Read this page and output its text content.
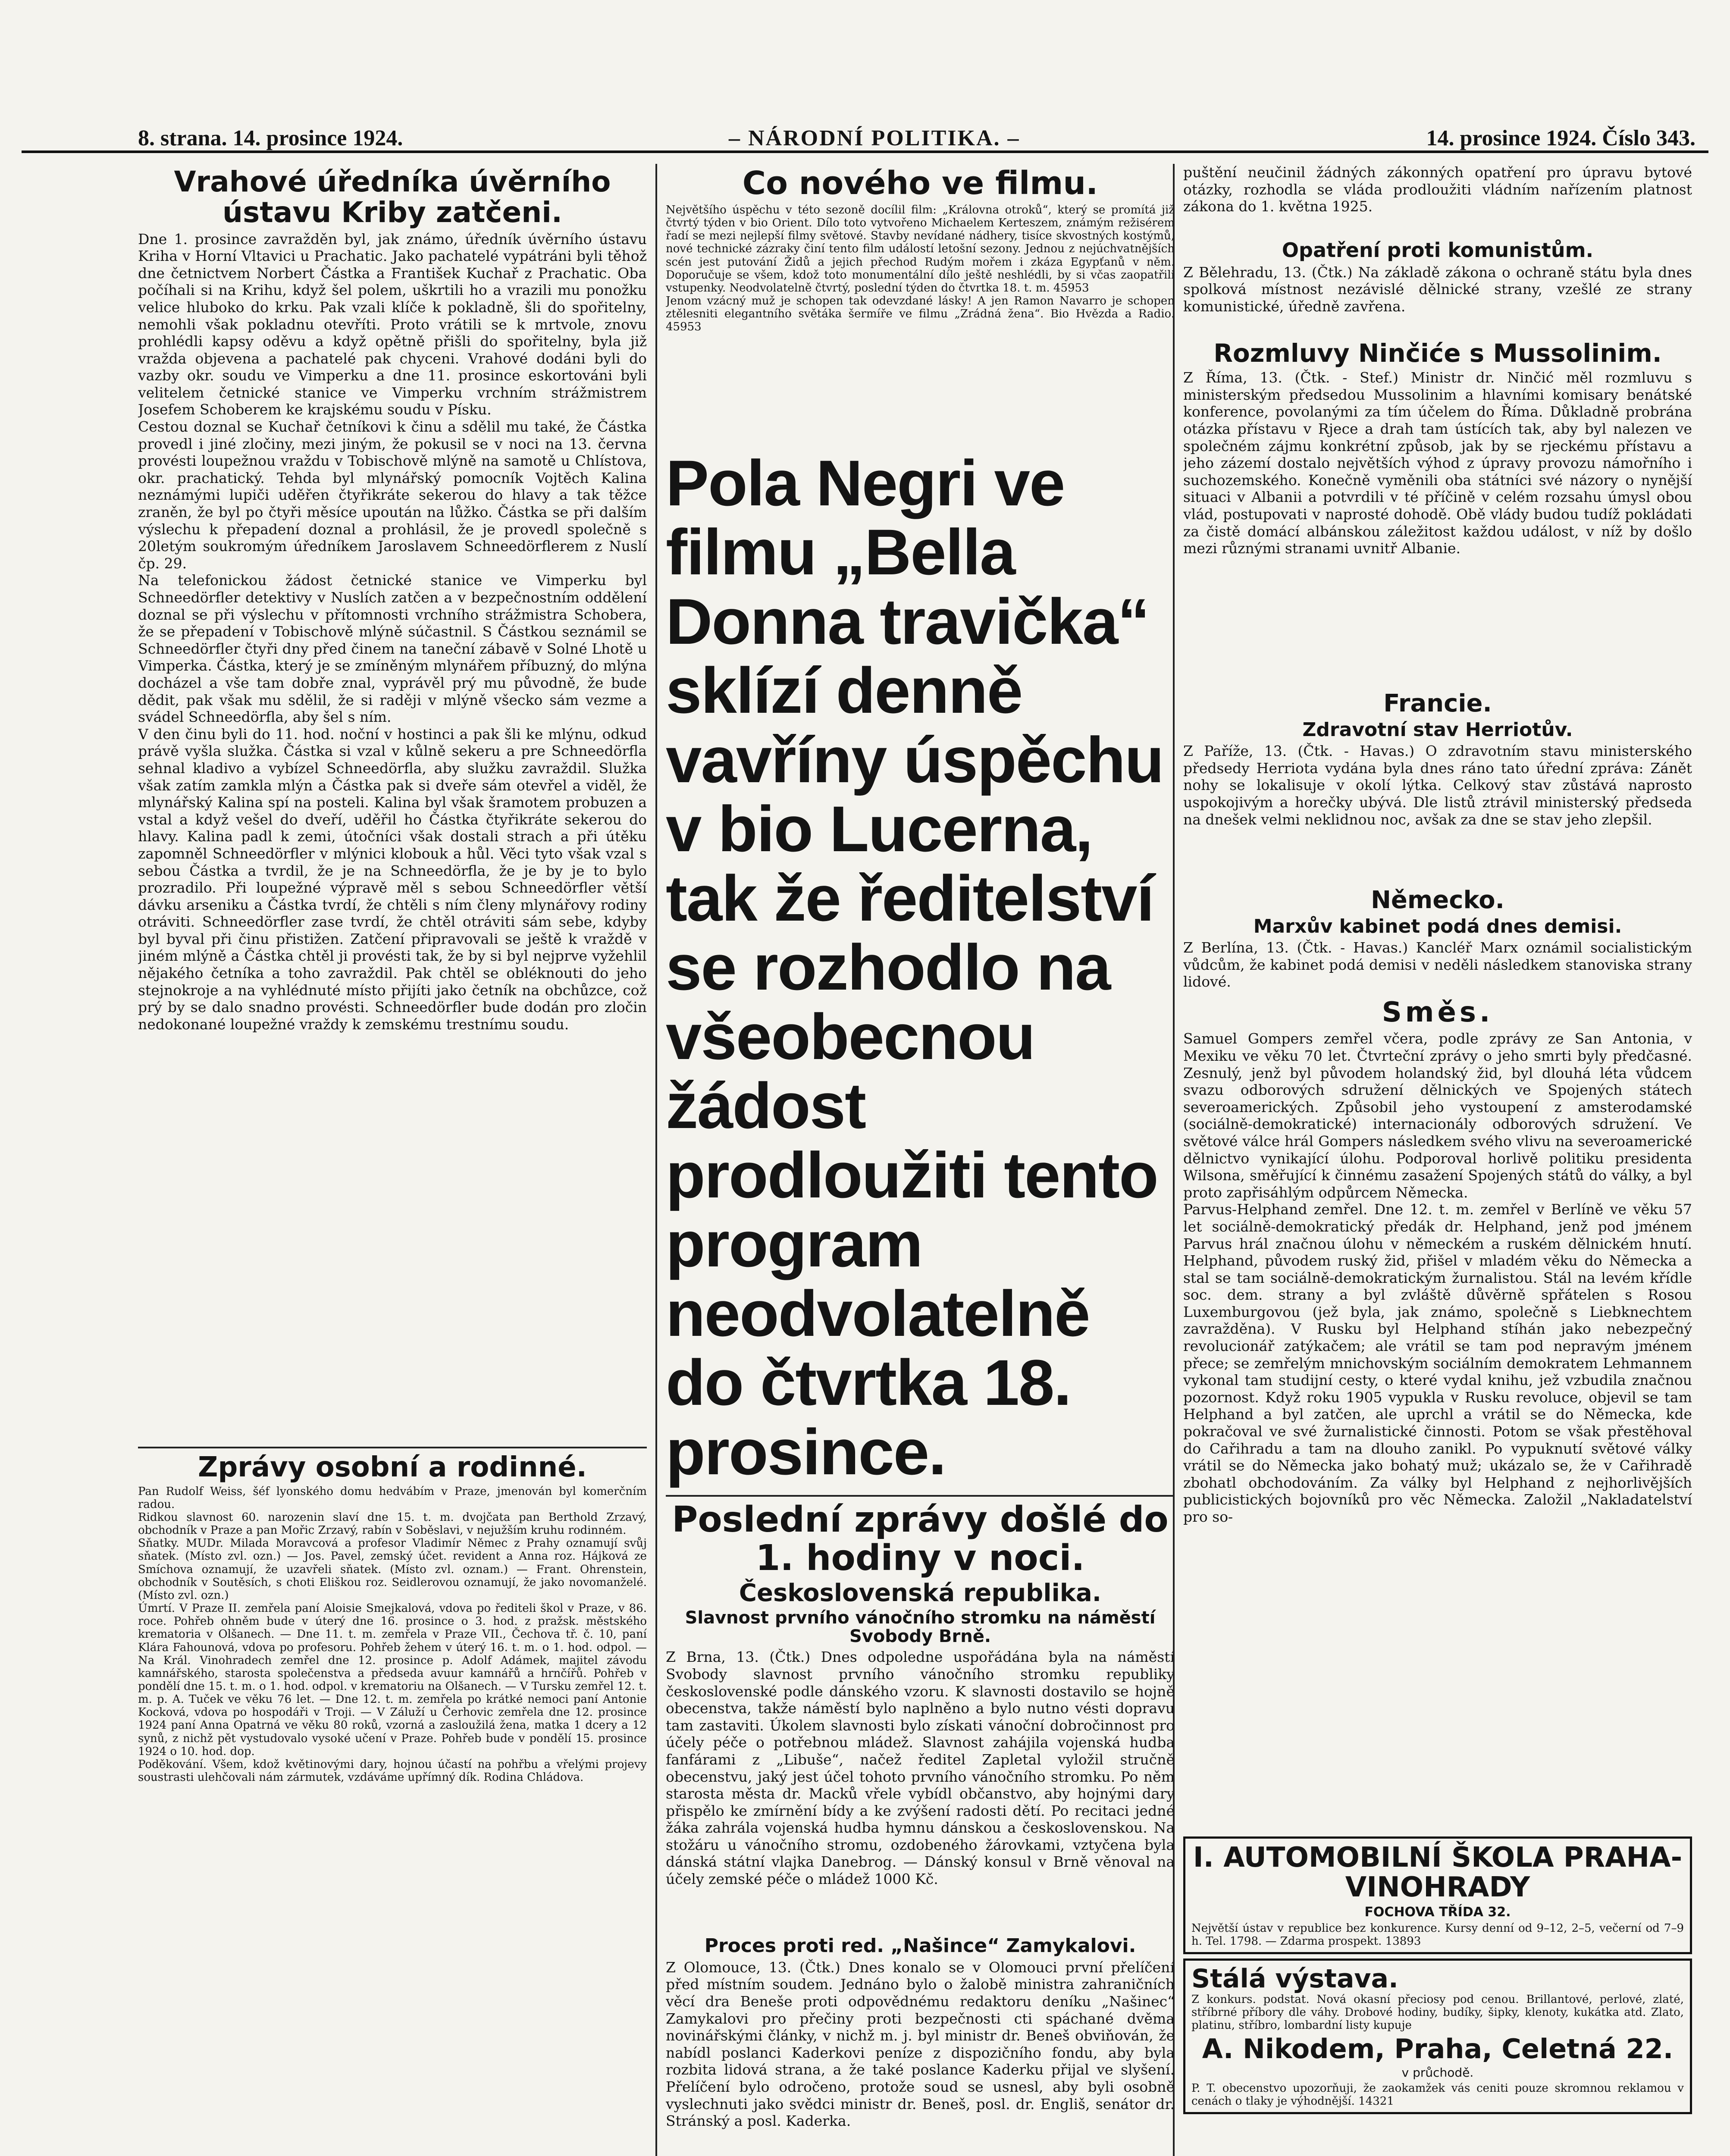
8. strana. 14. prosince 1924.	– NÁRODNÍ POLITIKA. –	14. prosince 1924. Číslo 343.
Vrahové úředníka úvěrního ústavu Kriby zatčeni.

Dne 1. prosince zavražděn byl, jak známo, úředník úvěrního ústavu Kriha v Horní Vltavici u Prachatic. Jako pachatelé vypátráni byli těhož dne četnictvem Norbert Částka a František Kuchař z Prachatic. Oba počíhali si na Krihu, když šel polem, uškrtili ho a vrazili mu ponožku velice hluboko do krku. Pak vzali klíče k pokladně, šli do spořitelny, nemohli však pokladnu otevříti. Proto vrátili se k mrtvole, znovu prohlédli kapsy oděvu a když opětně přišli do spořitelny, byla již vražda objevena a pachatelé pak chyceni. Vrahové dodáni byli do vazby okr. soudu ve Vimperku a dne 11. prosince eskortováni byli velitelem četnické stanice ve Vimperku vrchním strážmistrem Josefem Schoberem ke krajskému soudu v Písku.
Cestou doznal se Kuchař četníkovi k činu a sdělil mu také, že Částka provedl i jiné zločiny, mezi jiným, že pokusil se v noci na 13. června provésti loupežnou vraždu v Tobischově mlýně na samotě u Chlístova, okr. prachatický. Tehda byl mlynářský pomocník Vojtěch Kalina neznámými lupiči uděřen čtyřikráte sekerou do hlavy a tak těžce zraněn, že byl po čtyři měsíce upoután na lůžko. Částka se při dalším výslechu k přepadení doznal a prohlásil, že je provedl společně s 20letým soukromým úředníkem Jaroslavem Schneedörflerem z Nuslí čp. 29.
Na telefonickou žádost četnické stanice ve Vimperku byl Schneedörfler detektivy v Nuslích zatčen a v bezpečnostním oddělení doznal se při výslechu v přítomnosti vrchního strážmistra Schobera, že se přepadení v Tobischově mlýně súčastnil. S Částkou seznámil se Schneedörfler čtyři dny před činem na taneční zábavě v Solné Lhotě u Vimperka. Částka, který je se zmíněným mlynářem příbuzný, do mlýna docházel a vše tam dobře znal, vyprávěl prý mu původně, že bude dědit, pak však mu sdělil, že si raději v mlýně všecko sám vezme a svádel Schneedörfla, aby šel s ním.
V den činu byli do 11. hod. noční v hostinci a pak šli ke mlýnu, odkud právě vyšla služka. Částka si vzal v kůlně sekeru a pre Schneedörfla sehnal kladivo a vybízel Schneedörfla, aby služku zavraždil. Služka však zatím zamkla mlýn a Částka pak si dveře sám otevřel a viděl, že mlynářský Kalina spí na posteli. Kalina byl však šramotem probuzen a vstal a když vešel do dveří, uděřil ho Částka čtyřikráte sekerou do hlavy. Kalina padl k zemi, útočníci však dostali strach a při útěku zapomněl Schneedörfler v mlýnici klobouk a hůl. Věci tyto však vzal s sebou Částka a tvrdil, že je na Schneedörfla, že je by je to bylo prozradilo. Při loupežné výpravě měl s sebou Schneedörfler větší dávku arseniku a Částka tvrdí, že chtěli s ním členy mlynářovy rodiny otráviti. Schneedörfler zase tvrdí, že chtěl otráviti sám sebe, kdyby byl byval při činu přistižen. Zatčení připravovali se ještě k vraždě v jiném mlýně a Částka chtěl ji provésti tak, že by si byl nejprve vyžehlil nějakého četníka a toho zavraždil. Pak chtěl se obléknouti do jeho stejnokroje a na vyhlédnuté místo přijíti jako četník na obchůzce, což prý by se dalo snadno provésti. Schneedörfler bude dodán pro zločin nedokonané loupežné vraždy k zemskému trestnímu soudu.

Zprávy osobní a rodinné.

Pan Rudolf Weiss, šéf lyonského domu hedvábím v Praze, jmenován byl komerčním radou.
Ridkou slavnost 60. narozenin slaví dne 15. t. m. dvojčata pan Berthold Zrzavý, obchodník v Praze a pan Mořic Zrzavý, rabín v Soběslavi, v nejužším kruhu rodinném.
Sňatky. MUDr. Milada Moravcová a profesor Vladimír Němec z Prahy oznamují svůj sňatek. (Místo zvl. ozn.) — Jos. Pavel, zemský účet. revident a Anna roz. Hájková ze Smíchova oznamují, že uzavřeli sňatek. (Místo zvl. oznam.) — Frant. Ohrenstein, obchodník v Soutěsích, s choti Eliškou roz. Seidlerovou oznamují, že jako novomanželé. (Místo zvl. ozn.)
Úmrtí. V Praze II. zemřela paní Aloisie Smejkalová, vdova po řediteli škol v Praze, v 86. roce. Pohřeb ohněm bude v úterý dne 16. prosince o 3. hod. z pražsk. městského krematoria v Olšanech. — Dne 11. t. m. zemřela v Praze VII., Čechova tř. č. 10, paní Klára Fahounová, vdova po profesoru. Pohřeb žehem v úterý 16. t. m. o 1. hod. odpol. — Na Král. Vinohradech zemřel dne 12. prosince p. Adolf Adámek, majitel závodu kamnářského, starosta společenstva a předseda avuur kamnářů a hrnčířů. Pohřeb v pondělí dne 15. t. m. o 1. hod. odpol. v krematoriu na Olšanech. — V Tursku zemřel 12. t. m. p. A. Tuček ve věku 76 let. — Dne 12. t. m. zemřela po krátké nemoci paní Antonie Kocková, vdova po hospodáři v Troji. — V Záluží u Čerhovic zemřela dne 12. prosince 1924 paní Anna Opatrná ve věku 80 roků, vzorná a zasloužilá žena, matka 1 dcery a 12 synů, z nichž pět vystudovalo vysoké učení v Praze. Pohřeb bude v pondělí 15. prosince 1924 o 10. hod. dop.
Poděkování. Všem, kdož květinovými dary, hojnou účastí na pohřbu a vřelými projevy soustrasti ulehčovali nám zármutek, vzdáváme upřímný dík. Rodina Chládova.

Co nového ve filmu.

Největšího úspěchu v této sezoně docílil film: „Královna otroků“, který se promítá již čtvrtý týden v bio Orient. Dílo toto vytvořeno Michaelem Kerteszem, známým režisérem řadí se mezi nejlepší filmy světové. Stavby nevídané nádhery, tisíce skvostných kostýmů, nové technické zázraky činí tento film událostí letošní sezony. Jednou z nejúchvatnějších scén jest putování Židů a jejich přechod Rudým mořem i zkáza Egypťanů v něm. Doporučuje se všem, kdož toto monumentální dílo ještě neshlédli, by si včas zaopatřili vstupenky. Neodvolatelně čtvrtý, poslední týden do čtvrtka 18. t. m. 45953
Jenom vzácný muž je schopen tak odevzdané lásky! A jen Ramon Navarro je schopen ztělesniti elegantního světáka šermíře ve filmu „Zrádná žena“. Bio Hvězda a Radio. 45953

Pola Negri ve filmu „Bella Donna travička“ sklízí denně vavříny úspěchu v bio Lucerna, tak že ředitelství se rozhodlo na všeobecnou žádost prodloužiti tento program neodvolatelně do čtvrtka 18. prosince.
Poslední zprávy došlé do 1. hodiny v noci.
Československá republika.
Slavnost prvního vánočního stromku na náměstí Svobody Brně.

Z Brna, 13. (Čtk.) Dnes odpoledne uspořádána byla na náměstí Svobody slavnost prvního vánočního stromku republiky československé podle dánského vzoru. K slavnosti dostavilo se hojně obecenstva, takže náměstí bylo naplněno a bylo nutno vésti dopravu tam zastaviti. Úkolem slavnosti bylo získati vánoční dobročinnost pro účely péče o potřebnou mládež. Slavnost zahájila vojenská hudba fanfárami z „Libuše“, načež ředitel Zapletal vyložil stručně obecenstvu, jaký jest účel tohoto prvního vánočního stromku. Po něm starosta města dr. Macků vřele vybídl občanstvo, aby hojnými dary přispělo ke zmírnění bídy a ke zvýšení radosti dětí. Po recitaci jedné žáka zahrála vojenská hudba hymnu dánskou a československou. Na stožáru u vánočního stromu, ozdobeného žárovkami, vztyčena byla dánská státní vlajka Danebrog. — Dánský konsul v Brně věnoval na účely zemské péče o mládež 1000 Kč.

Proces proti red. „Našince“ Zamykalovi.

Z Olomouce, 13. (Čtk.) Dnes konalo se v Olomouci první přelíčení před místním soudem. Jednáno bylo o žalobě ministra zahraničních věcí dra Beneše proti odpovědnému redaktoru deníku „Našinec“ Zamykalovi pro přečiny proti bezpečnosti cti spáchané dvěma novinářskými články, v nichž m. j. byl ministr dr. Beneš obviňován, že nabídl poslanci Kaderkovi peníze z dispozičního fondu, aby byla rozbita lidová strana, a že také poslance Kaderku přijal ve slyšení. Přelíčení bylo odročeno, protože soud se usnesl, aby byli osobně vyslechnuti jako svědci ministr dr. Beneš, posl. dr. Engliš, senátor dr. Stránský a posl. Kaderka.

puštění neučinil žádných zákonných opatření pro úpravu bytové otázky, rozhodla se vláda prodloužiti vládním nařízením platnost zákona do 1. května 1925.

Opatření proti komunistům.

Z Bělehradu, 13. (Čtk.) Na základě zákona o ochraně státu byla dnes spolková místnost nezávislé dělnické strany, vzešlé ze strany komunistické, úředně zavřena.

Rozmluvy Ninčiće s Mussolinim.

Z Říma, 13. (Čtk. - Stef.) Ministr dr. Ninčić měl rozmluvu s ministerským předsedou Mussolinim a hlavními komisary benátské konference, povolanými za tím účelem do Říma. Důkladně probrána otázka přístavu v Rjece a drah tam ústících tak, aby byl nalezen ve společném zájmu konkrétní způsob, jak by se rjeckému přístavu a jeho zázemí dostalo největších výhod z úpravy provozu námořního i suchozemského. Konečně vyměnili oba státníci své názory o nynější situaci v Albanii a potvrdili v té příčině v celém rozsahu úmysl obou vlád, postupovati v naprosté dohodě. Obě vlády budou tudíž pokládati za čistě domácí albánskou záležitost každou událost, v níž by došlo mezi různými stranami uvnitř Albanie.

Francie.
Zdravotní stav Herriotův.

Z Paříže, 13. (Čtk. - Havas.) O zdravotním stavu ministerského předsedy Herriota vydána byla dnes ráno tato úřední zpráva: Zánět nohy se lokalisuje v okolí lýtka. Celkový stav zůstává naprosto uspokojivým a horečky ubývá. Dle listů ztrávil ministerský předseda na dnešek velmi neklidnou noc, avšak za dne se stav jeho zlepšil.

Německo.
Marxův kabinet podá dnes demisi.

Z Berlína, 13. (Čtk. - Havas.) Kancléř Marx oznámil socialistickým vůdcům, že kabinet podá demisi v neděli následkem stanoviska strany lidové.

Směs.

Samuel Gompers zemřel včera, podle zprávy ze San Antonia, v Mexiku ve věku 70 let. Čtvrteční zprávy o jeho smrti byly předčasné. Zesnulý, jenž byl původem holandský žid, byl dlouhá léta vůdcem svazu odborových sdružení dělnických ve Spojených státech severoamerických. Způsobil jeho vystoupení z amsterodamské (sociálně-demokratické) internacionály odborových sdružení. Ve světové válce hrál Gompers následkem svého vlivu na severoamerické dělnictvo vynikající úlohu. Podporoval horlivě politiku presidenta Wilsona, směřující k činnému zasažení Spojených států do války, a byl proto zapřisáhlým odpůrcem Německa.
Parvus-Helphand zemřel. Dne 12. t. m. zemřel v Berlíně ve věku 57 let sociálně-demokratický předák dr. Helphand, jenž pod jménem Parvus hrál značnou úlohu v německém a ruském dělnickém hnutí. Helphand, původem ruský žid, přišel v mladém věku do Německa a stal se tam sociálně-demokratickým žurnalistou. Stál na levém křídle soc. dem. strany a byl zvláště důvěrně spřátelen s Rosou Luxemburgovou (jež byla, jak známo, společně s Liebknechtem zavražděna). V Rusku byl Helphand stíhán jako nebezpečný revolucionář zatýkačem; ale vrátil se tam pod nepravým jménem přece; se zemřelým mnichovským sociálním demokratem Lehmannem vykonal tam studijní cesty, o které vydal knihu, jež vzbudila značnou pozornost. Když roku 1905 vypukla v Rusku revoluce, objevil se tam Helphand a byl zatčen, ale uprchl a vrátil se do Německa, kde pokračoval ve své žurnalistické činnosti. Potom se však přestěhoval do Cařihradu a tam na dlouho zanikl. Po vypuknutí světové války vrátil se do Německa jako bohatý muž; ukázalo se, že v Cařihradě zbohatl obchodováním. Za války byl Helphand z nejhorlivějších publicistických bojovníků pro věc Německa. Založil „Nakladatelství pro so-

I. AUTOMOBILNÍ ŠKOLA PRAHA-VINOHRADY
FOCHOVA TŘÍDA 32.

Největší ústav v republice bez konkurence. Kursy denní od 9–12, 2–5, večerní od 7–9 h. Tel. 1798. — Zdarma prospekt. 13893

Stálá výstava.

Z konkurs. podstat. Nová okasní přeciosy pod cenou. Brillantové, perlové, zlaté, stříbrné příbory dle váhy. Drobové hodiny, budíky, šipky, klenoty, kukátka atd. Zlato, platinu, stříbro, lombardní listy kupuje

A. Nikodem, Praha, Celetná 22.
v průchodě.

P. T. obecenstvo upozorňuji, že zaokamžek vás ceniti pouze skromnou reklamou v cenách o tlaky je výhodnější. 14321
